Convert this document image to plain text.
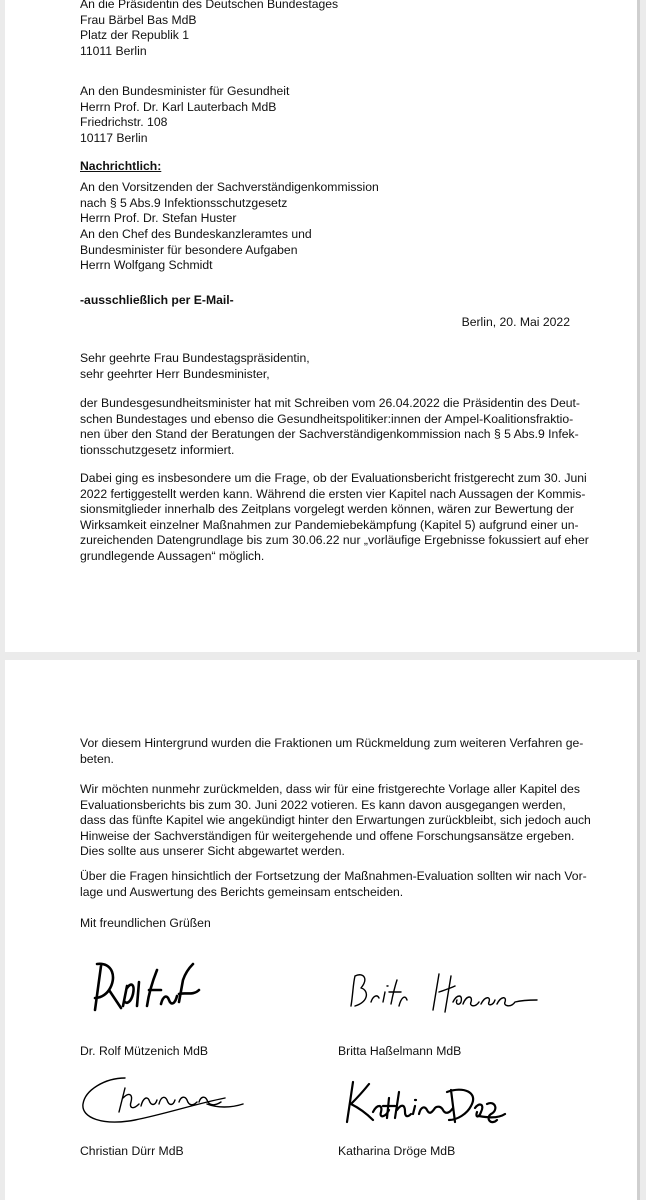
An die Präsidentin des Deutschen Bundestages
Frau Bärbel Bas MdB
Platz der Republik 1
11011 Berlin
An den Bundesminister für Gesundheit
Herrn Prof. Dr. Karl Lauterbach MdB
Friedrichstr. 108
10117 Berlin
Nachrichtlich:
An den Vorsitzenden der Sachverständigenkommission
nach § 5 Abs.9 Infektionsschutzgesetz
Herrn Prof. Dr. Stefan Huster
An den Chef des Bundeskanzleramtes und
Bundesminister für besondere Aufgaben
Herrn Wolfgang Schmidt
-ausschließlich per E-Mail-
Berlin, 20. Mai 2022
Sehr geehrte Frau Bundestagspräsidentin,
sehr geehrter Herr Bundesminister,
der Bundesgesundheitsminister hat mit Schreiben vom 26.04.2022 die Präsidentin des Deut-
schen Bundestages und ebenso die Gesundheitspolitiker:innen der Ampel-Koalitionsfraktio-
nen über den Stand der Beratungen der Sachverständigenkommission nach § 5 Abs.9 Infek-
tionsschutzgesetz informiert.
Dabei ging es insbesondere um die Frage, ob der Evaluationsbericht fristgerecht zum 30. Juni
2022 fertiggestellt werden kann. Während die ersten vier Kapitel nach Aussagen der Kommis-
sionsmitglieder innerhalb des Zeitplans vorgelegt werden können, wären zur Bewertung der
Wirksamkeit einzelner Maßnahmen zur Pandemiebekämpfung (Kapitel 5) aufgrund einer un-
zureichenden Datengrundlage bis zum 30.06.22 nur „vorläufige Ergebnisse fokussiert auf eher
grundlegende Aussagen“ möglich.
Vor diesem Hintergrund wurden die Fraktionen um Rückmeldung zum weiteren Verfahren ge-
beten.
Wir möchten nunmehr zurückmelden, dass wir für eine fristgerechte Vorlage aller Kapitel des
Evaluationsberichts bis zum 30. Juni 2022 votieren. Es kann davon ausgegangen werden,
dass das fünfte Kapitel wie angekündigt hinter den Erwartungen zurückbleibt, sich jedoch auch
Hinweise der Sachverständigen für weitergehende und offene Forschungsansätze ergeben.
Dies sollte aus unserer Sicht abgewartet werden.
Über die Fragen hinsichtlich der Fortsetzung der Maßnahmen-Evaluation sollten wir nach Vor-
lage und Auswertung des Berichts gemeinsam entscheiden.
Mit freundlichen Grüßen
Dr. Rolf Mützenich MdB	Britta Haßelmann MdB
Christian Dürr MdB	Katharina Dröge MdB
